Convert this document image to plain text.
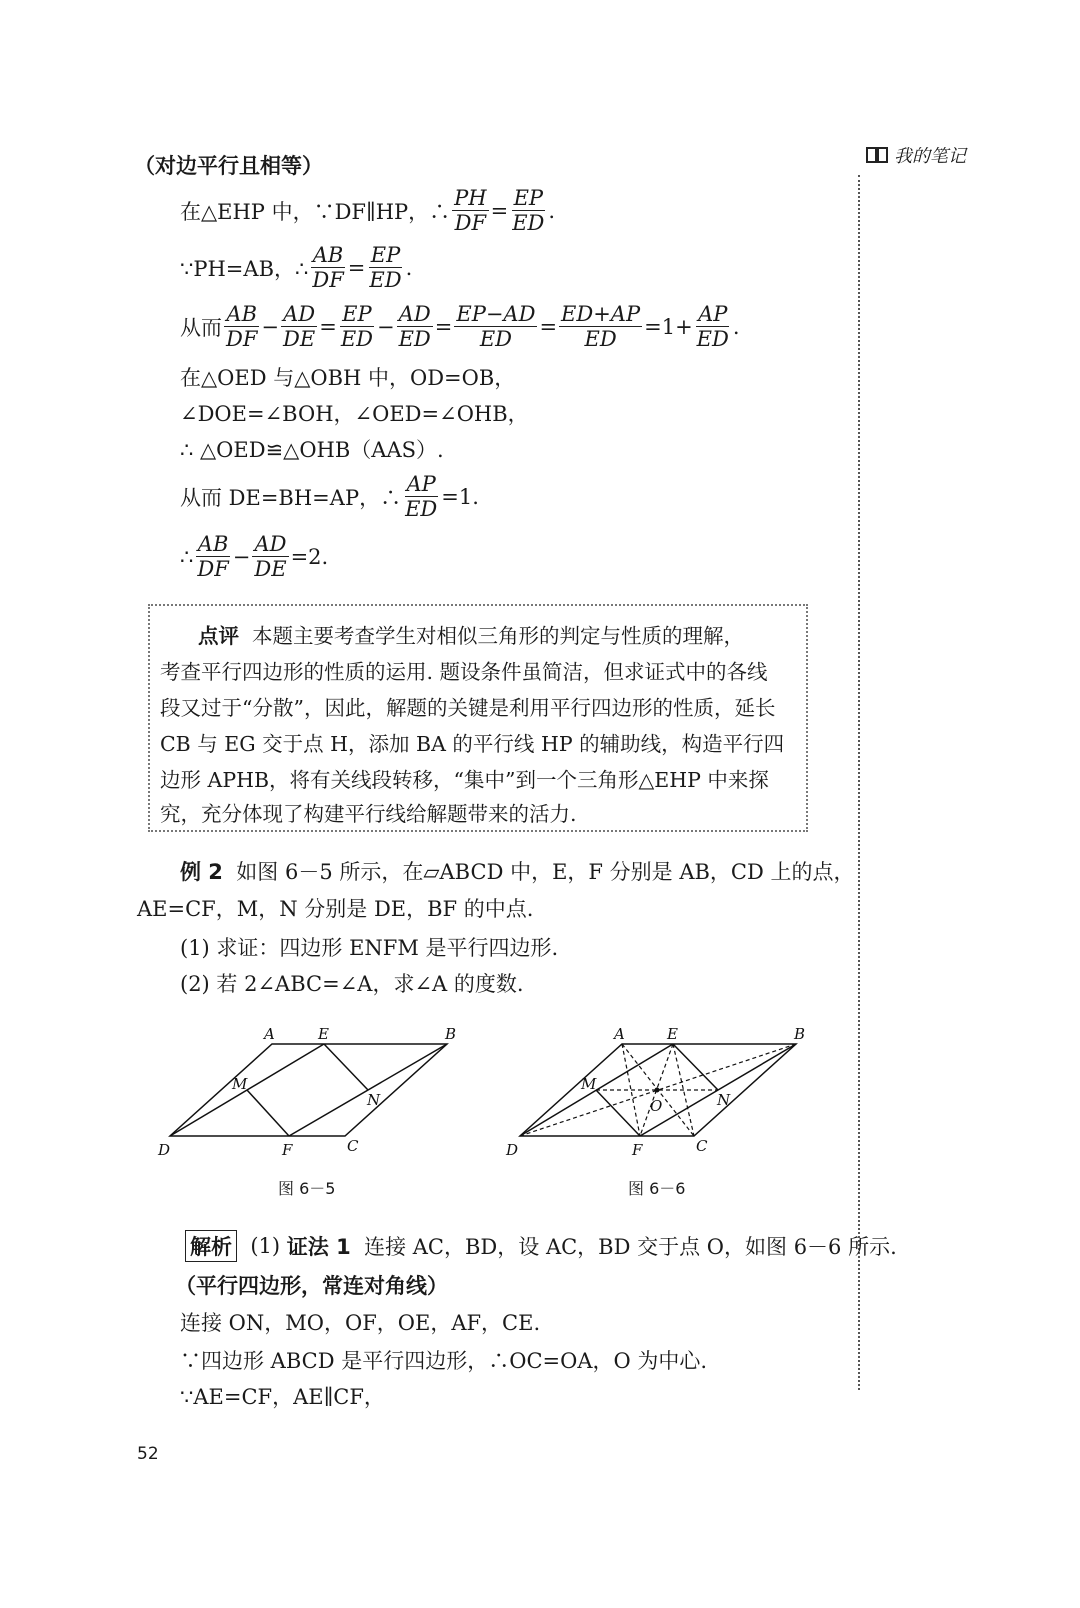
（对边平行且相等）	我的笔记
在△EHP 中，∵DF∥HP，∴ $\frac{PH}{DF} = \frac{EP}{ED}$ .
∵PH=AB，∴ $\frac{AB}{DF} = \frac{EP}{ED}$ .
从而
AB
DF
− $\frac{AD}{DE} = \frac{EP}{ED} - \frac{AD}{ED} = \frac{EP-AD}{ED} = \frac{ED+AP}{ED} =1+ \frac{AP}{ED}$ .
在△OED 与△OBH 中，OD=OB，
∠DOE=∠BOH，∠OED=∠OHB，
∴ △OED≌△OHB（AAS）.
从而 DE=BH=AP，∴ $\frac{AP}{ED} =1$.
∴
AB
DF
− $\frac{AD}{DE} =2$.

点评 本题主要考查学生对相似三角形的判定与性质的理解，

考查平行四边形的性质的运用. 题设条件虽简洁，但求证式中的各线

段又过于“分散”，因此，解题的关键是利用平行四边形的性质，延长

CB 与 EG 交于点 H，添加 BA 的平行线 HP 的辅助线，构造平行四

边形 APHB，将有关线段转移，“集中”到一个三角形△EHP 中来探

究，充分体现了构建平行线给解题带来的活力.

例 2
如图 6－5 所示，在▱ABCD 中，E，F 分别是 AB，CD 上的点，
AE=CF，M，N 分别是 DE，BF 的中点.
(1) 求证：四边形 ENFM 是平行四边形.
(2) 若 2∠ABC=∠A，求∠A 的度数.
A	E	B
D	F	C
M
N
图 6－5
A	E	B
D	F	C
M
N
O
图 6－6
解析
(1)
证法 1
连接 AC，BD，设 AC，BD 交于点 O，如图 6－6 所示.
（平行四边形，常连对角线）
连接 ON，MO，OF，OE，AF，CE.
∵四边形 ABCD 是平行四边形，∴OC=OA，O 为中心.
∵AE=CF，AE∥CF，
52
